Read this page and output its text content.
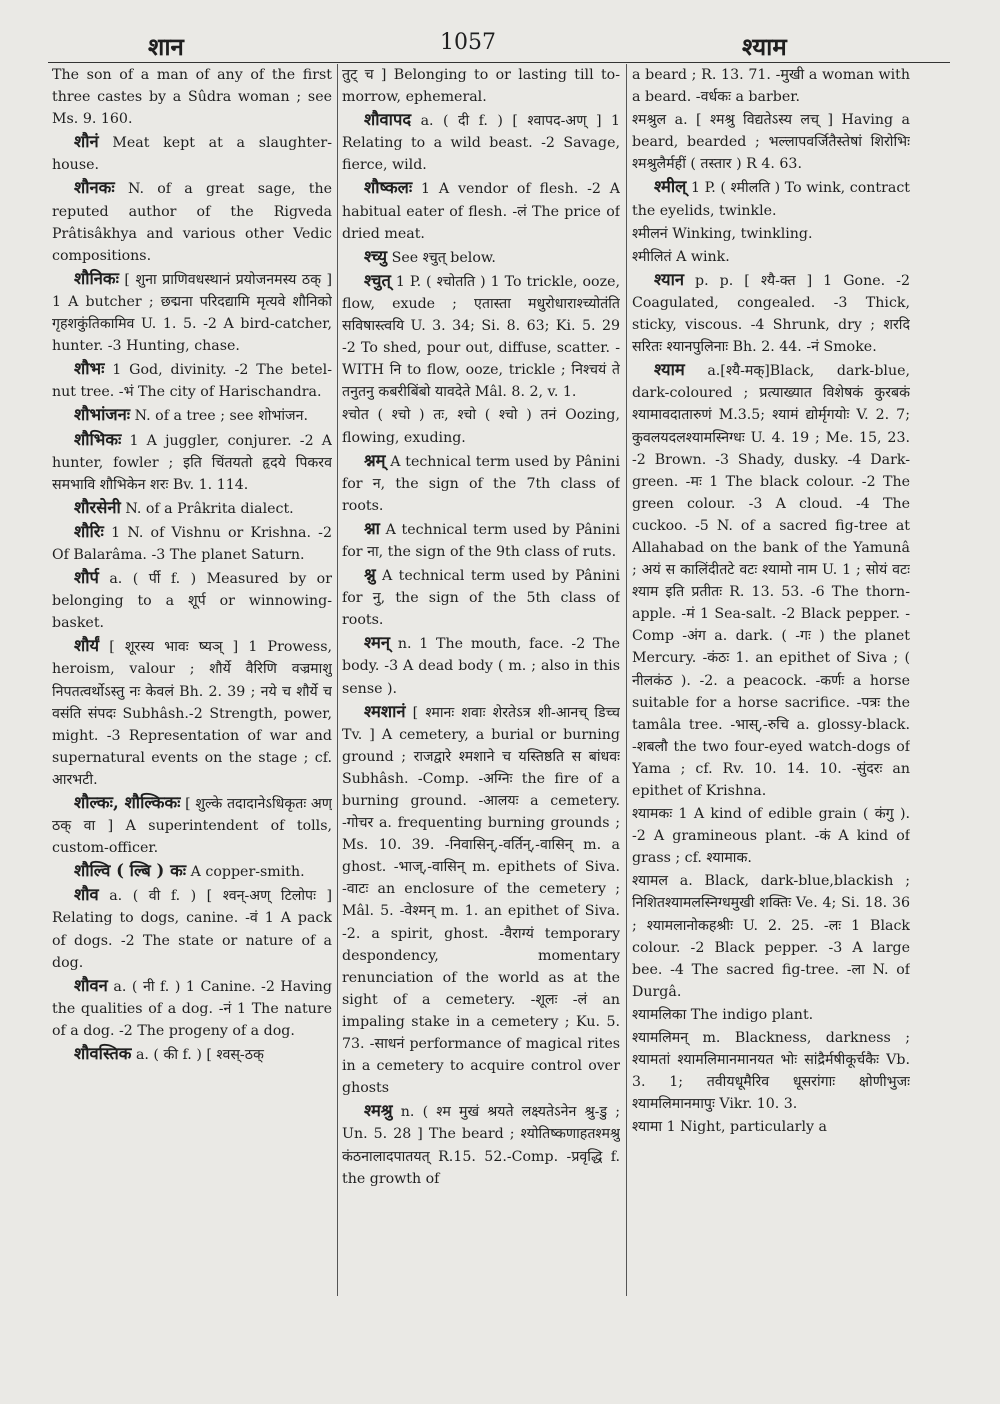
शान	1057	श्याम

The son of a man of any of the first three castes by a Sûdra woman ; see Ms. 9. 160.

शौनं Meat kept at a slaughter-house.

शौनकः N. of a great sage, the reputed author of the Rigveda Prâtisâkhya and various other Vedic compositions.

शौनिकः [ शुना प्राणिवधस्थानं प्रयोजनमस्य ठक् ] 1 A butcher ; छद्मना परिदद्यामि मृत्यवे शौनिको गृहशकुंतिकामिव U. 1. 5. -2 A bird-catcher, hunter. -3 Hunting, chase.

शौभः 1 God, divinity. -2 The betel-nut tree. -भं The city of Harischandra.

शौभांजनः N. of a tree ; see शोभांजन.

शौभिकः 1 A juggler, conjurer. -2 A hunter, fowler ; इति चिंतयतो हृदये पिकरव समभावि शौभिकेन शरः Bv. 1. 114.

शौरसेनी N. of a Prâkrita dialect.

शौरिः 1 N. of Vishnu or Krishna. -2 Of Balarâma. -3 The planet Saturn.

शौर्प a. ( र्पी f. ) Measured by or belonging to a शूर्प or winnowing-basket.

शौर्यं [ शूरस्य भावः ष्यञ् ] 1 Prowess, heroism, valour ; शौर्ये वैरिणि वज्रमाशु निपतत्वर्थोऽस्तु नः केवलं Bh. 2. 39 ; नये च शौर्ये च वसंति संपदः Subhâsh.-2 Strength, power, might. -3 Representation of war and supernatural events on the stage ; cf. आरभटी.

शौल्कः, शौल्किकः [ शुल्के तदादानेऽधिकृतः अण् ठक् वा ] A superintendent of tolls, custom-officer.

शौल्वि ( ल्बि ) कः A copper-smith.

शौव a. ( वी f. ) [ श्वन्-अण् टिलोपः ] Relating to dogs, canine. -वं 1 A pack of dogs. -2 The state or nature of a dog.

शौवन a. ( नी f. ) 1 Canine. -2 Having the qualities of a dog. -नं 1 The nature of a dog. -2 The progeny of a dog.

शौवस्तिक a. ( की f. ) [ श्वस्-ठक्

तुट् च ] Belonging to or lasting till to-morrow, ephemeral.

शौवापद a. ( दी f. ) [ श्वापद-अण् ] 1 Relating to a wild beast. -2 Savage, fierce, wild.

शौष्कलः 1 A vendor of flesh. -2 A habitual eater of flesh. -लं The price of dried meat.

श्च्यु See श्चुत् below.

श्चुत् 1 P. ( श्चोतति ) 1 To trickle, ooze, flow, exude ; एतास्ता मधुरोधाराश्च्योतंति सविषास्त्वयि U. 3. 34; Si. 8. 63; Ki. 5. 29 -2 To shed, pour out, diffuse, scatter. -WITH नि to flow, ooze, trickle ; निश्चयं ते तनुतनु कबरीबिंबो यावदेते Mâl. 8. 2, v. 1.

श्चोत ( श्चो ) तः, श्चो ( श्चो ) तनं Oozing, flowing, exuding.

श्नम् A technical term used by Pânini for न, the sign of the 7th class of roots.

श्ना A technical term used by Pânini for ना, the sign of the 9th class of ruts.

श्नु A technical term used by Pânini for नु, the sign of the 5th class of roots.

श्मन् n. 1 The mouth, face. -2 The body. -3 A dead body ( m. ; also in this sense ).

श्मशानं [ श्मानः शवाः शेरतेऽत्र शी-आनच् डिच्च Tv. ] A cemetery, a burial or burning ground ; राजद्वारे श्मशाने च यस्तिष्ठति स बांधवः Subhâsh. -Comp. -अग्निः the fire of a burning ground. -आलयः a cemetery. -गोचर a. frequenting burning grounds ; Ms. 10. 39. -निवासिन्,-वर्तिन्,-वासिन् m. a ghost. -भाज्,-वासिन् m. epithets of Siva. -वाटः an enclosure of the cemetery ; Mâl. 5. -वेश्मन् m. 1. an epithet of Siva. -2. a spirit, ghost. -वैराग्यं temporary despondency, momentary renunciation of the world as at the sight of a cemetery. -शूलः -लं an impaling stake in a cemetery ; Ku. 5. 73. -साधनं performance of magical rites in a cemetery to acquire control over ghosts

श्मश्रु n. ( श्म मुखं श्रयते लक्ष्यतेऽनेन श्रु-डु ; Un. 5. 28 ] The beard ; श्योतिष्कणाहतश्मश्रु कंठनालादपातयत् R.15. 52.-Comp. -प्रवृद्धि f. the growth of

a beard ; R. 13. 71. -मुखी a woman with a beard. -वर्धकः a barber.

श्मश्रुल a. [ श्मश्रु विद्यतेऽस्य लच् ] Having a beard, bearded ; भल्लापवर्जितैस्तेषां शिरोभिः श्मश्रुलैर्महीं ( तस्तार ) R 4. 63.

श्मील् 1 P. ( श्मीलति ) To wink, contract the eyelids, twinkle.

श्मीलनं Winking, twinkling.

श्मीलितं A wink.

श्यान p. p. [ श्यै-क्त ] 1 Gone. -2 Coagulated, congealed. -3 Thick, sticky, viscous. -4 Shrunk, dry ; शरदि सरितः श्यानपुलिनाः Bh. 2. 44. -नं Smoke.

श्याम a.[श्यै-मक्]Black, dark-blue, dark-coloured ; प्रत्याख्यात विशेषकं कुरबकं श्यामावदातारुणं M.3.5; श्यामं द्योर्मृगयोः V. 2. 7; कुवलयदलश्यामस्निग्धः U. 4. 19 ; Me. 15, 23. -2 Brown. -3 Shady, dusky. -4 Dark-green. -मः 1 The black colour. -2 The green colour. -3 A cloud. -4 The cuckoo. -5 N. of a sacred fig-tree at Allahabad on the bank of the Yamunâ ; अयं स कालिंदीतटे वटः श्यामो नाम U. 1 ; सोयं वटः श्याम इति प्रतीतः R. 13. 53. -6 The thorn-apple. -मं 1 Sea-salt. -2 Black pepper. -Comp -अंग a. dark. ( -गः ) the planet Mercury. -कंठः 1. an epithet of Siva ; ( नीलकंठ ). -2. a peacock. -कर्णः a horse suitable for a horse sacrifice. -पत्रः the tamâla tree. -भास्,-रुचि a. glossy-black. -शबलौ the two four-eyed watch-dogs of Yama ; cf. Rv. 10. 14. 10. -सुंदरः an epithet of Krishna.

श्यामकः 1 A kind of edible grain ( कंगु ). -2 A gramineous plant. -कं A kind of grass ; cf. श्यामाक.

श्यामल a. Black, dark-blue,blackish ; निशितश्यामलस्निग्धमुखी शक्तिः Ve. 4; Si. 18. 36 ; श्यामलानोकहश्रीः U. 2. 25. -लः 1 Black colour. -2 Black pepper. -3 A large bee. -4 The sacred fig-tree. -ला N. of Durgâ.

श्यामलिका The indigo plant.

श्यामलिमन् m. Blackness, darkness ; श्यामतां श्यामलिमानमानयत भोः सांद्रैर्मषीकूर्चकैः Vb. 3. 1; तवीयधूमैरिव धूसरांगाः क्षोणीभुजः श्यामलिमानमापुः Vikr. 10. 3.

श्यामा 1 Night, particularly a
